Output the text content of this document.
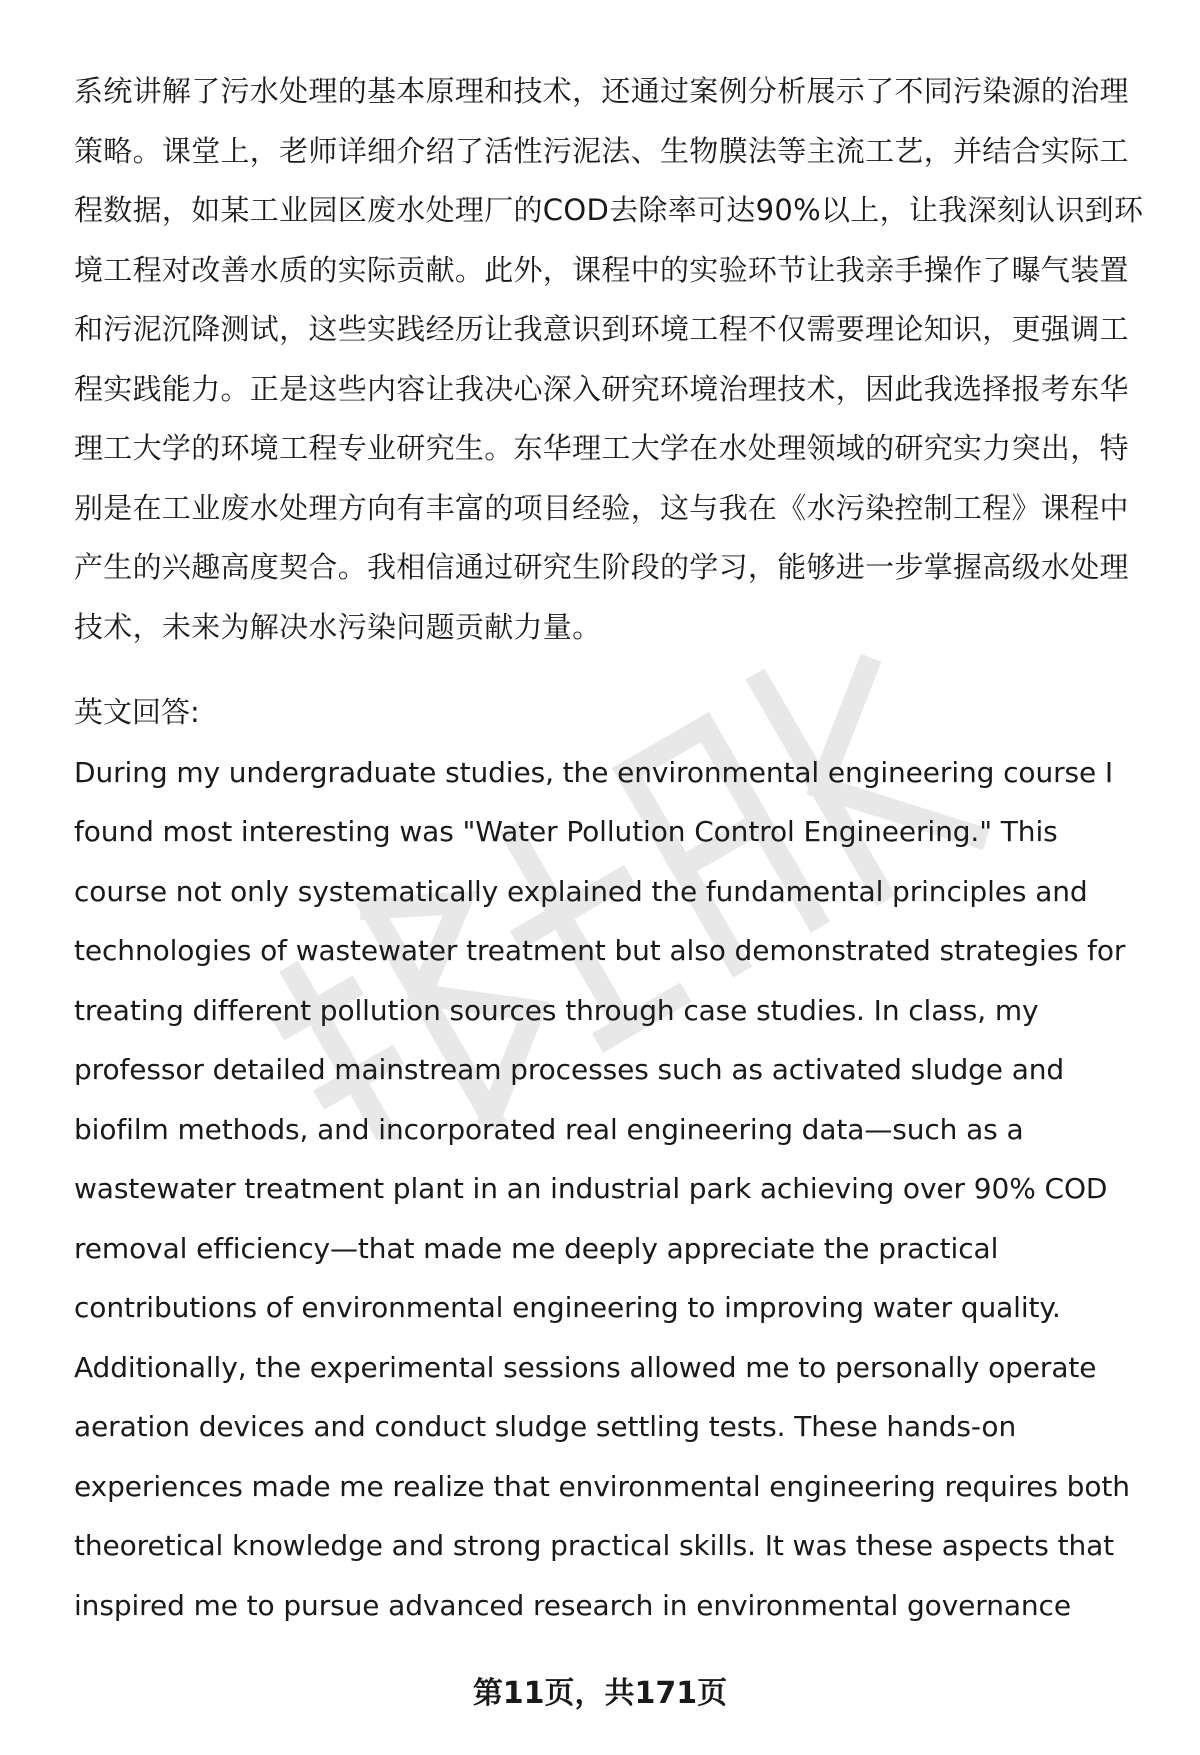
系统讲解了污水处理的基本原理和技术，还通过案例分析展示了不同污染源的治理
策略。课堂上，老师详细介绍了活性污泥法、生物膜法等主流工艺，并结合实际工
程数据，如某工业园区废水处理厂的COD去除率可达90%以上，让我深刻认识到环
境工程对改善水质的实际贡献。此外，课程中的实验环节让我亲手操作了曝气装置
和污泥沉降测试，这些实践经历让我意识到环境工程不仅需要理论知识，更强调工
程实践能力。正是这些内容让我决心深入研究环境治理技术，因此我选择报考东华
理工大学的环境工程专业研究生。东华理工大学在水处理领域的研究实力突出，特
别是在工业废水处理方向有丰富的项目经验，这与我在《水污染控制工程》课程中
产生的兴趣高度契合。我相信通过研究生阶段的学习，能够进一步掌握高级水处理
技术，未来为解决水污染问题贡献力量。
英文回答:
During my undergraduate studies, the environmental engineering course I
found most interesting was "Water Pollution Control Engineering." This
course not only systematically explained the fundamental principles and
technologies of wastewater treatment but also demonstrated strategies for
treating different pollution sources through case studies. In class, my
professor detailed mainstream processes such as activated sludge and
biofilm methods, and incorporated real engineering data—such as a
wastewater treatment plant in an industrial park achieving over 90% COD
removal efficiency—that made me deeply appreciate the practical
contributions of environmental engineering to improving water quality.
Additionally, the experimental sessions allowed me to personally operate
aeration devices and conduct sludge settling tests. These hands-on
experiences made me realize that environmental engineering requires both
theoretical knowledge and strong practical skills. It was these aspects that
inspired me to pursue advanced research in environmental governance
第11页，共171页
